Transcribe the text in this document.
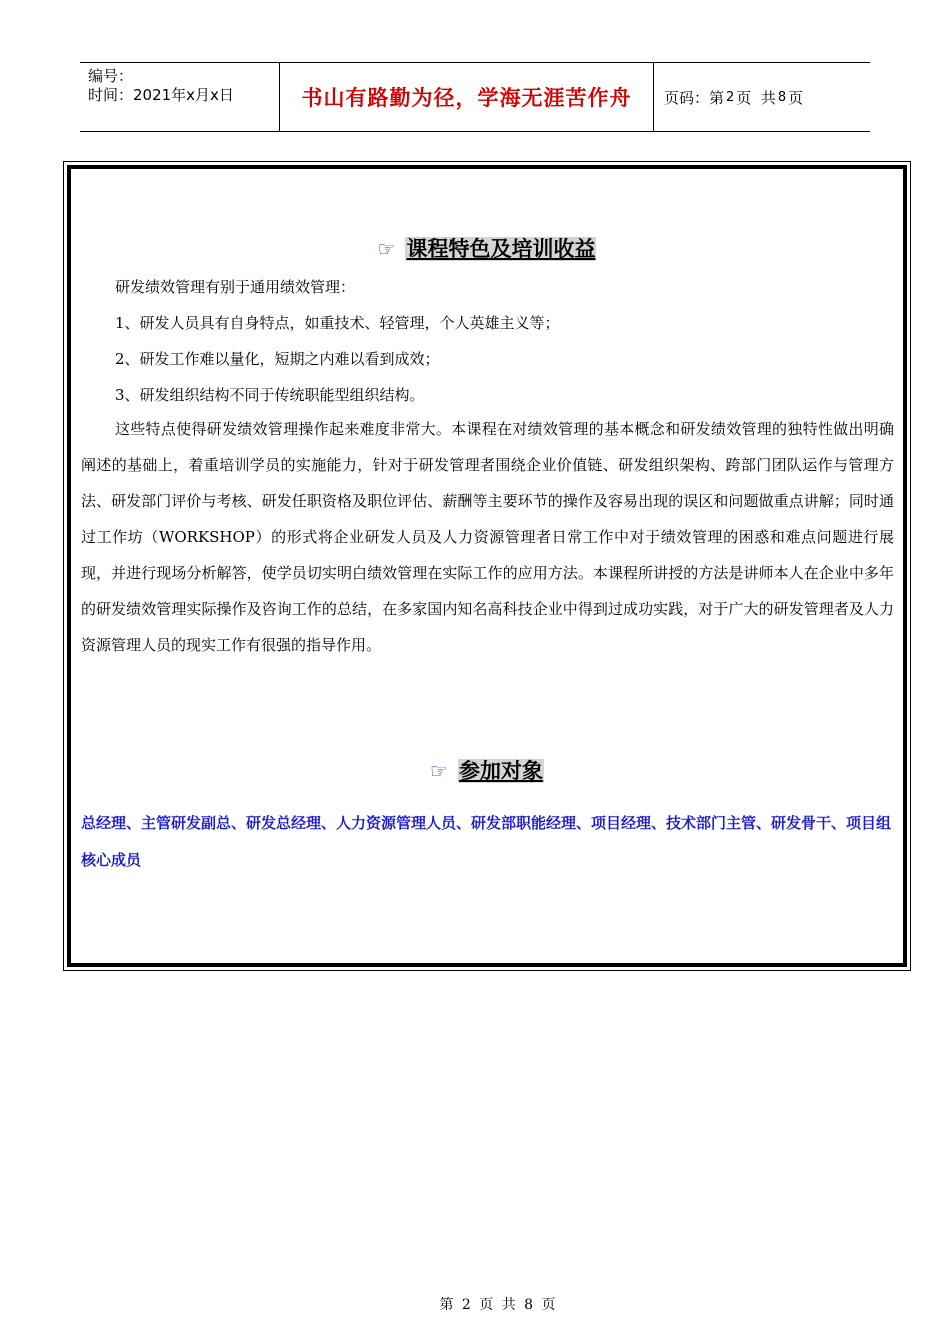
编号：
时间：2021年x月x日	书山有路勤为径，学海无涯苦作舟	页码：第 2 页  共 8 页
☞ 课程特色及培训收益
研发绩效管理有别于通用绩效管理：
1、研发人员具有自身特点，如重技术、轻管理，个人英雄主义等；
2、研发工作难以量化，短期之内难以看到成效；
3、研发组织结构不同于传统职能型组织结构。
这些特点使得研发绩效管理操作起来难度非常大。本课程在对绩效管理的基本概念和研发绩效管理的独特性做出明确阐述的基础上，着重培训学员的实施能力，针对于研发管理者围绕企业价值链、研发组织架构、跨部门团队运作与管理方法、研发部门评价与考核、研发任职资格及职位评估、薪酬等主要环节的操作及容易出现的误区和问题做重点讲解；同时通过工作坊（WORKSHOP）的形式将企业研发人员及人力资源管理者日常工作中对于绩效管理的困惑和难点问题进行展现，并进行现场分析解答，使学员切实明白绩效管理在实际工作的应用方法。本课程所讲授的方法是讲师本人在企业中多年的研发绩效管理实际操作及咨询工作的总结，在多家国内知名高科技企业中得到过成功实践，对于广大的研发管理者及人力资源管理人员的现实工作有很强的指导作用。
☞ 参加对象
总经理、主管研发副总、研发总经理、人力资源管理人员、研发部职能经理、项目经理、技术部门主管、研发骨干、项目组核心成员
第 2 页 共 8 页
